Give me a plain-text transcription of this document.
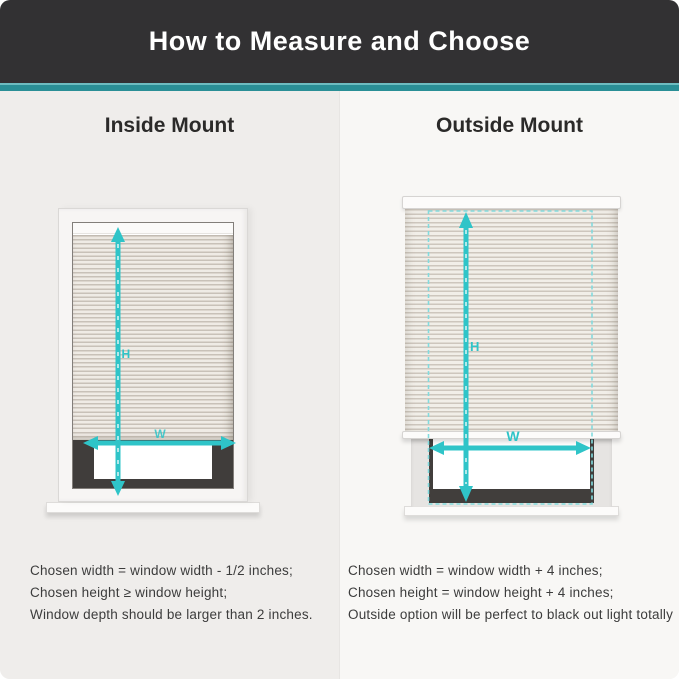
How to Measure and Choose
Inside Mount
Chosen width = window width - 1/2 inches;
Chosen height ≥ window height;
Window depth should be larger than 2 inches.
Outside Mount
Chosen width = window width + 4 inches;
Chosen height = window height + 4 inches;
Outside option will be perfect to black out light totally
H
W
H
W
